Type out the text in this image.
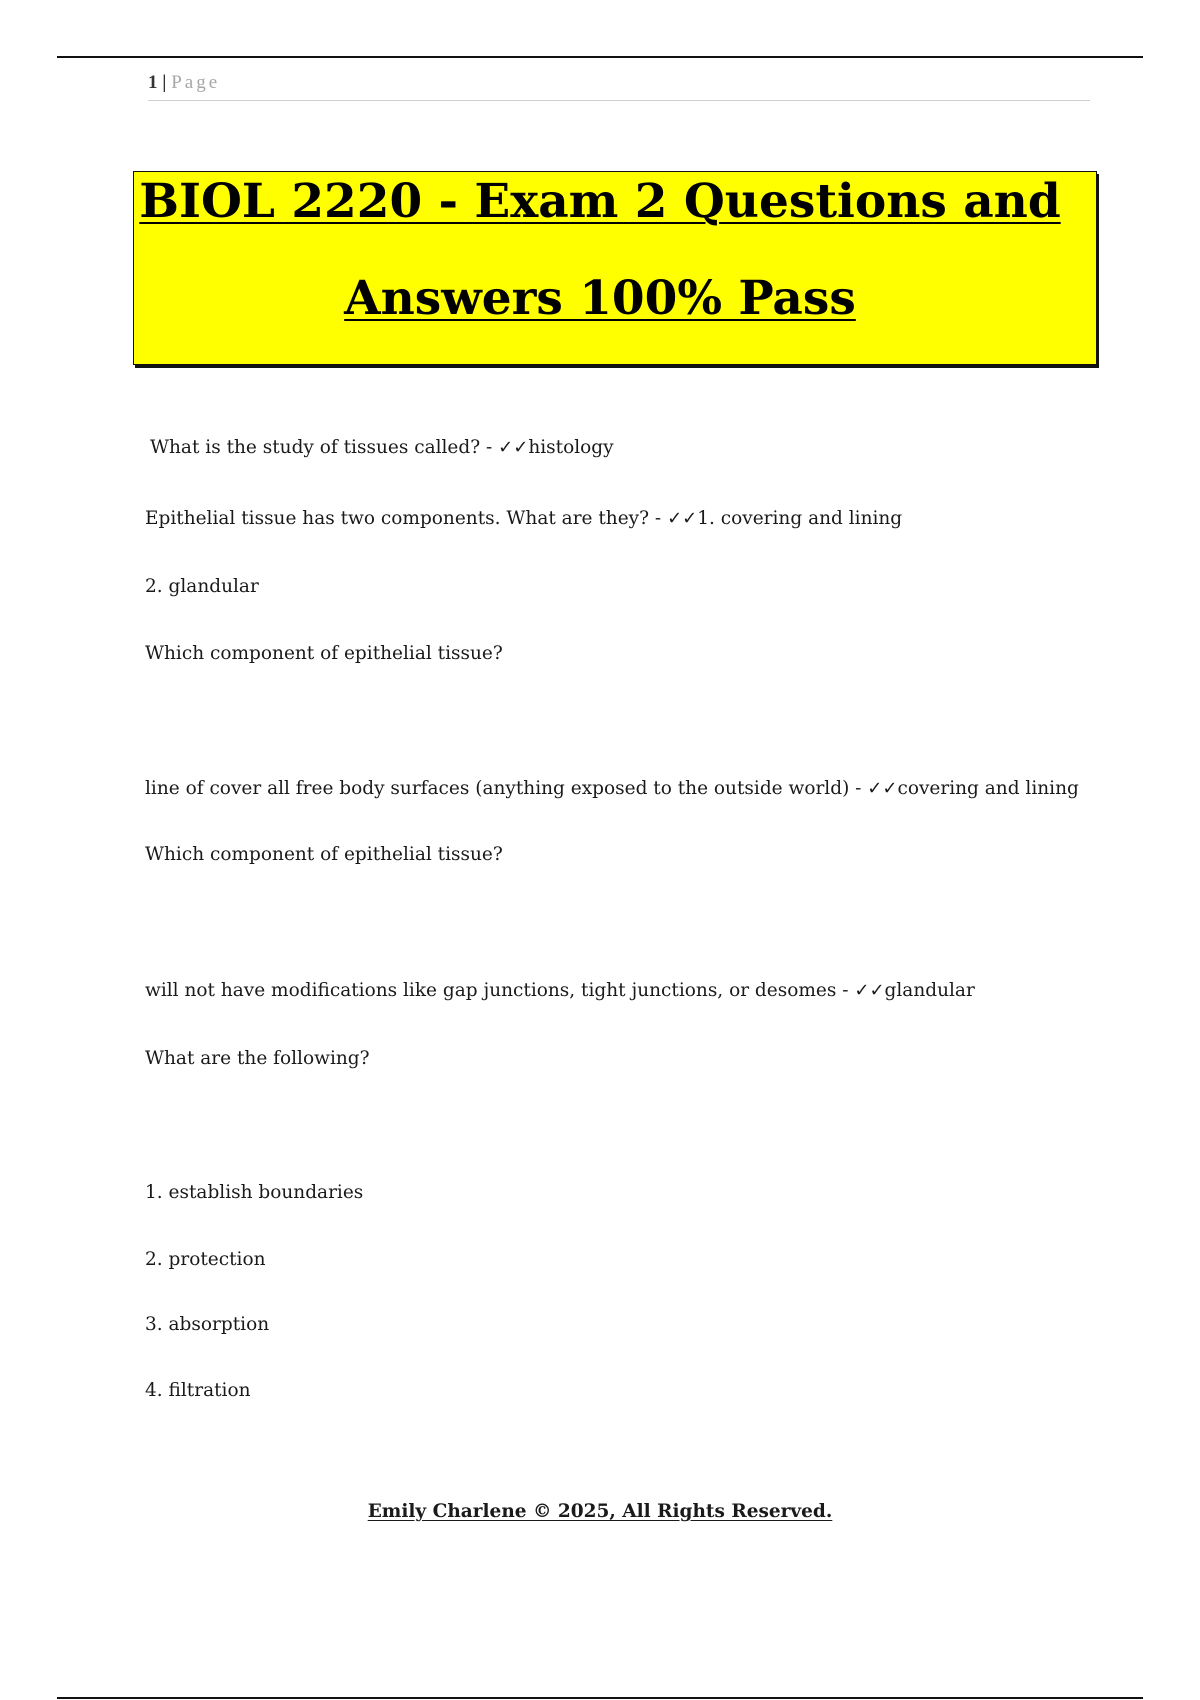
1 | Page
BIOL 2220 - Exam 2 Questions and
Answers 100% Pass
What is the study of tissues called? - ✓✓histology
Epithelial tissue has two components. What are they? - ✓✓1. covering and lining
2. glandular
Which component of epithelial tissue?
line of cover all free body surfaces (anything exposed to the outside world) - ✓✓covering and lining
Which component of epithelial tissue?
will not have modifications like gap junctions, tight junctions, or desomes - ✓✓glandular
What are the following?
1. establish boundaries
2. protection
3. absorption
4. filtration
Emily Charlene © 2025, All Rights Reserved.
